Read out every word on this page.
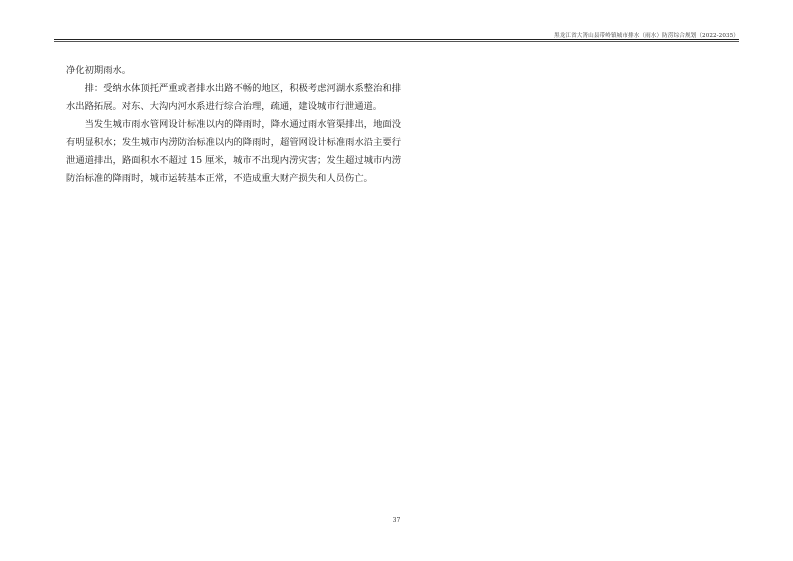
黑龙江省大箐山县带岭镇城市排水（雨水）防涝综合规划（2022-2035）

净化初期雨水。

排：受纳水体顶托严重或者排水出路不畅的地区，积极考虑河湖水系整治和排水出路拓展。对东、大沟内河水系进行综合治理，疏通，建设城市行泄通道。

当发生城市雨水管网设计标准以内的降雨时，降水通过雨水管渠排出，地面没有明显积水；发生城市内涝防治标准以内的降雨时，超管网设计标准雨水沿主要行泄通道排出，路面积水不超过 15 厘米，城市不出现内涝灾害；发生超过城市内涝防治标准的降雨时，城市运转基本正常，不造成重大财产损失和人员伤亡。

37
